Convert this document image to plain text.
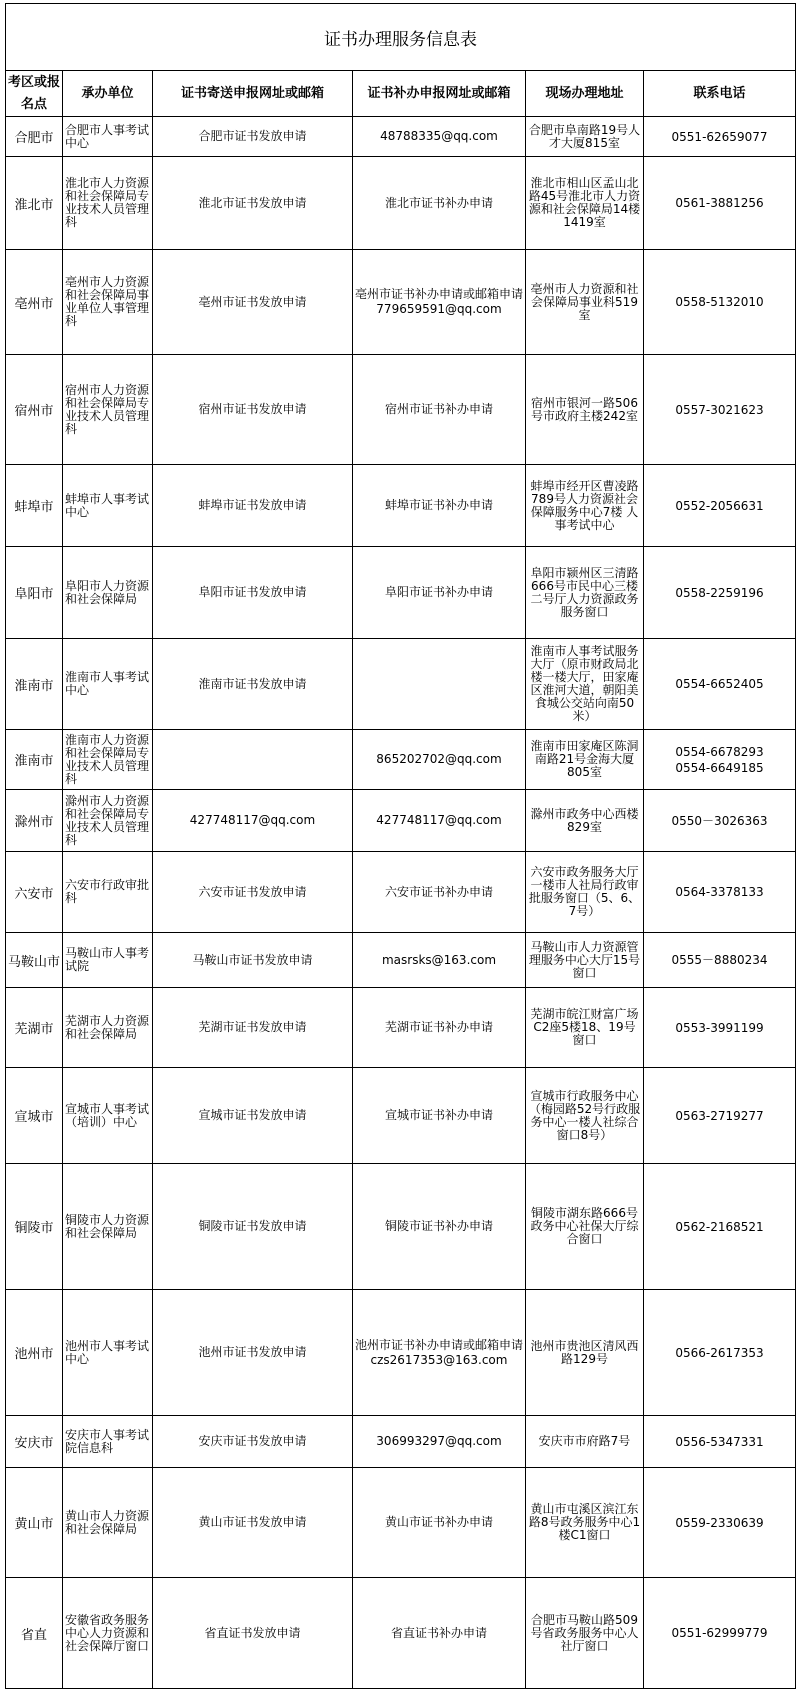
证书办理服务信息表					
考区或报名点	承办单位	证书寄送申报网址或邮箱	证书补办申报网址或邮箱	现场办理地址	联系电话
合肥市	合肥市人事考试中心	合肥市证书发放申请	48788335@qq.com	合肥市阜南路19号人才大厦815室	0551-62659077

淮北市	淮北市人力资源和社会保障局专业技术人员管理科	淮北市证书发放申请	淮北市证书补办申请	淮北市相山区孟山北路45号淮北市人力资源和社会保障局14楼1419室	0561-3881256

亳州市	亳州市人力资源和社会保障局事业单位人事管理科	亳州市证书发放申请	亳州市证书补办申请或邮箱申请
779659591@qq.com	亳州市人力资源和社会保障局事业科519室	0558-5132010

宿州市	宿州市人力资源和社会保障局专业技术人员管理科	宿州市证书发放申请	宿州市证书补办申请	宿州市银河一路506号市政府主楼242室	0557-3021623

蚌埠市	蚌埠市人事考试中心	蚌埠市证书发放申请	蚌埠市证书补办申请	蚌埠市经开区曹凌路789号人力资源社会保障服务中心7楼 人事考试中心	0552-2056631

阜阳市	阜阳市人力资源和社会保障局	阜阳市证书发放申请	阜阳市证书补办申请	阜阳市颍州区三清路666号市民中心三楼二号厅人力资源政务服务窗口	0558-2259196

淮南市	淮南市人事考试中心	淮南市证书发放申请		淮南市人事考试服务大厅（原市财政局北楼一楼大厅，田家庵区淮河大道，朝阳美食城公交站向南50米）	0554-6652405

淮南市	淮南市人力资源和社会保障局专业技术人员管理科		865202702@qq.com	淮南市田家庵区陈洞南路21号金海大厦805室	0554-6678293
0554-6649185

滁州市	滁州市人力资源和社会保障局专业技术人员管理科	427748117@qq.com	427748117@qq.com	滁州市政务中心西楼829室	0550－3026363

六安市	六安市行政审批科	六安市证书发放申请	六安市证书补办申请	六安市政务服务大厅一楼市人社局行政审批服务窗口（5、6、7号）	0564-3378133

马鞍山市	马鞍山市人事考试院	马鞍山市证书发放申请	masrsks@163.com	马鞍山市人力资源管理服务中心大厅15号窗口	0555－8880234

芜湖市	芜湖市人力资源和社会保障局	芜湖市证书发放申请	芜湖市证书补办申请	芜湖市皖江财富广场C2座5楼18、19号窗口	0553-3991199

宣城市	宣城市人事考试（培训）中心	宣城市证书发放申请	宣城市证书补办申请	宣城市行政服务中心（梅园路52号行政服务中心一楼人社综合窗口8号）	0563-2719277

铜陵市	铜陵市人力资源和社会保障局	铜陵市证书发放申请	铜陵市证书补办申请	铜陵市湖东路666号政务中心社保大厅综合窗口	0562-2168521

池州市	池州市人事考试中心	池州市证书发放申请	池州市证书补办申请或邮箱申请
czs2617353@163.com	池州市贵池区清风西路129号	0566-2617353

安庆市	安庆市人事考试院信息科	安庆市证书发放申请	306993297@qq.com	安庆市市府路7号	0556-5347331

黄山市	黄山市人力资源和社会保障局	黄山市证书发放申请	黄山市证书补办申请	黄山市屯溪区滨江东路8号政务服务中心1楼C1窗口	0559-2330639

省直	安徽省政务服务中心人力资源和社会保障厅窗口	省直证书发放申请	省直证书补办申请	合肥市马鞍山路509号省政务服务中心人社厅窗口	0551-62999779
